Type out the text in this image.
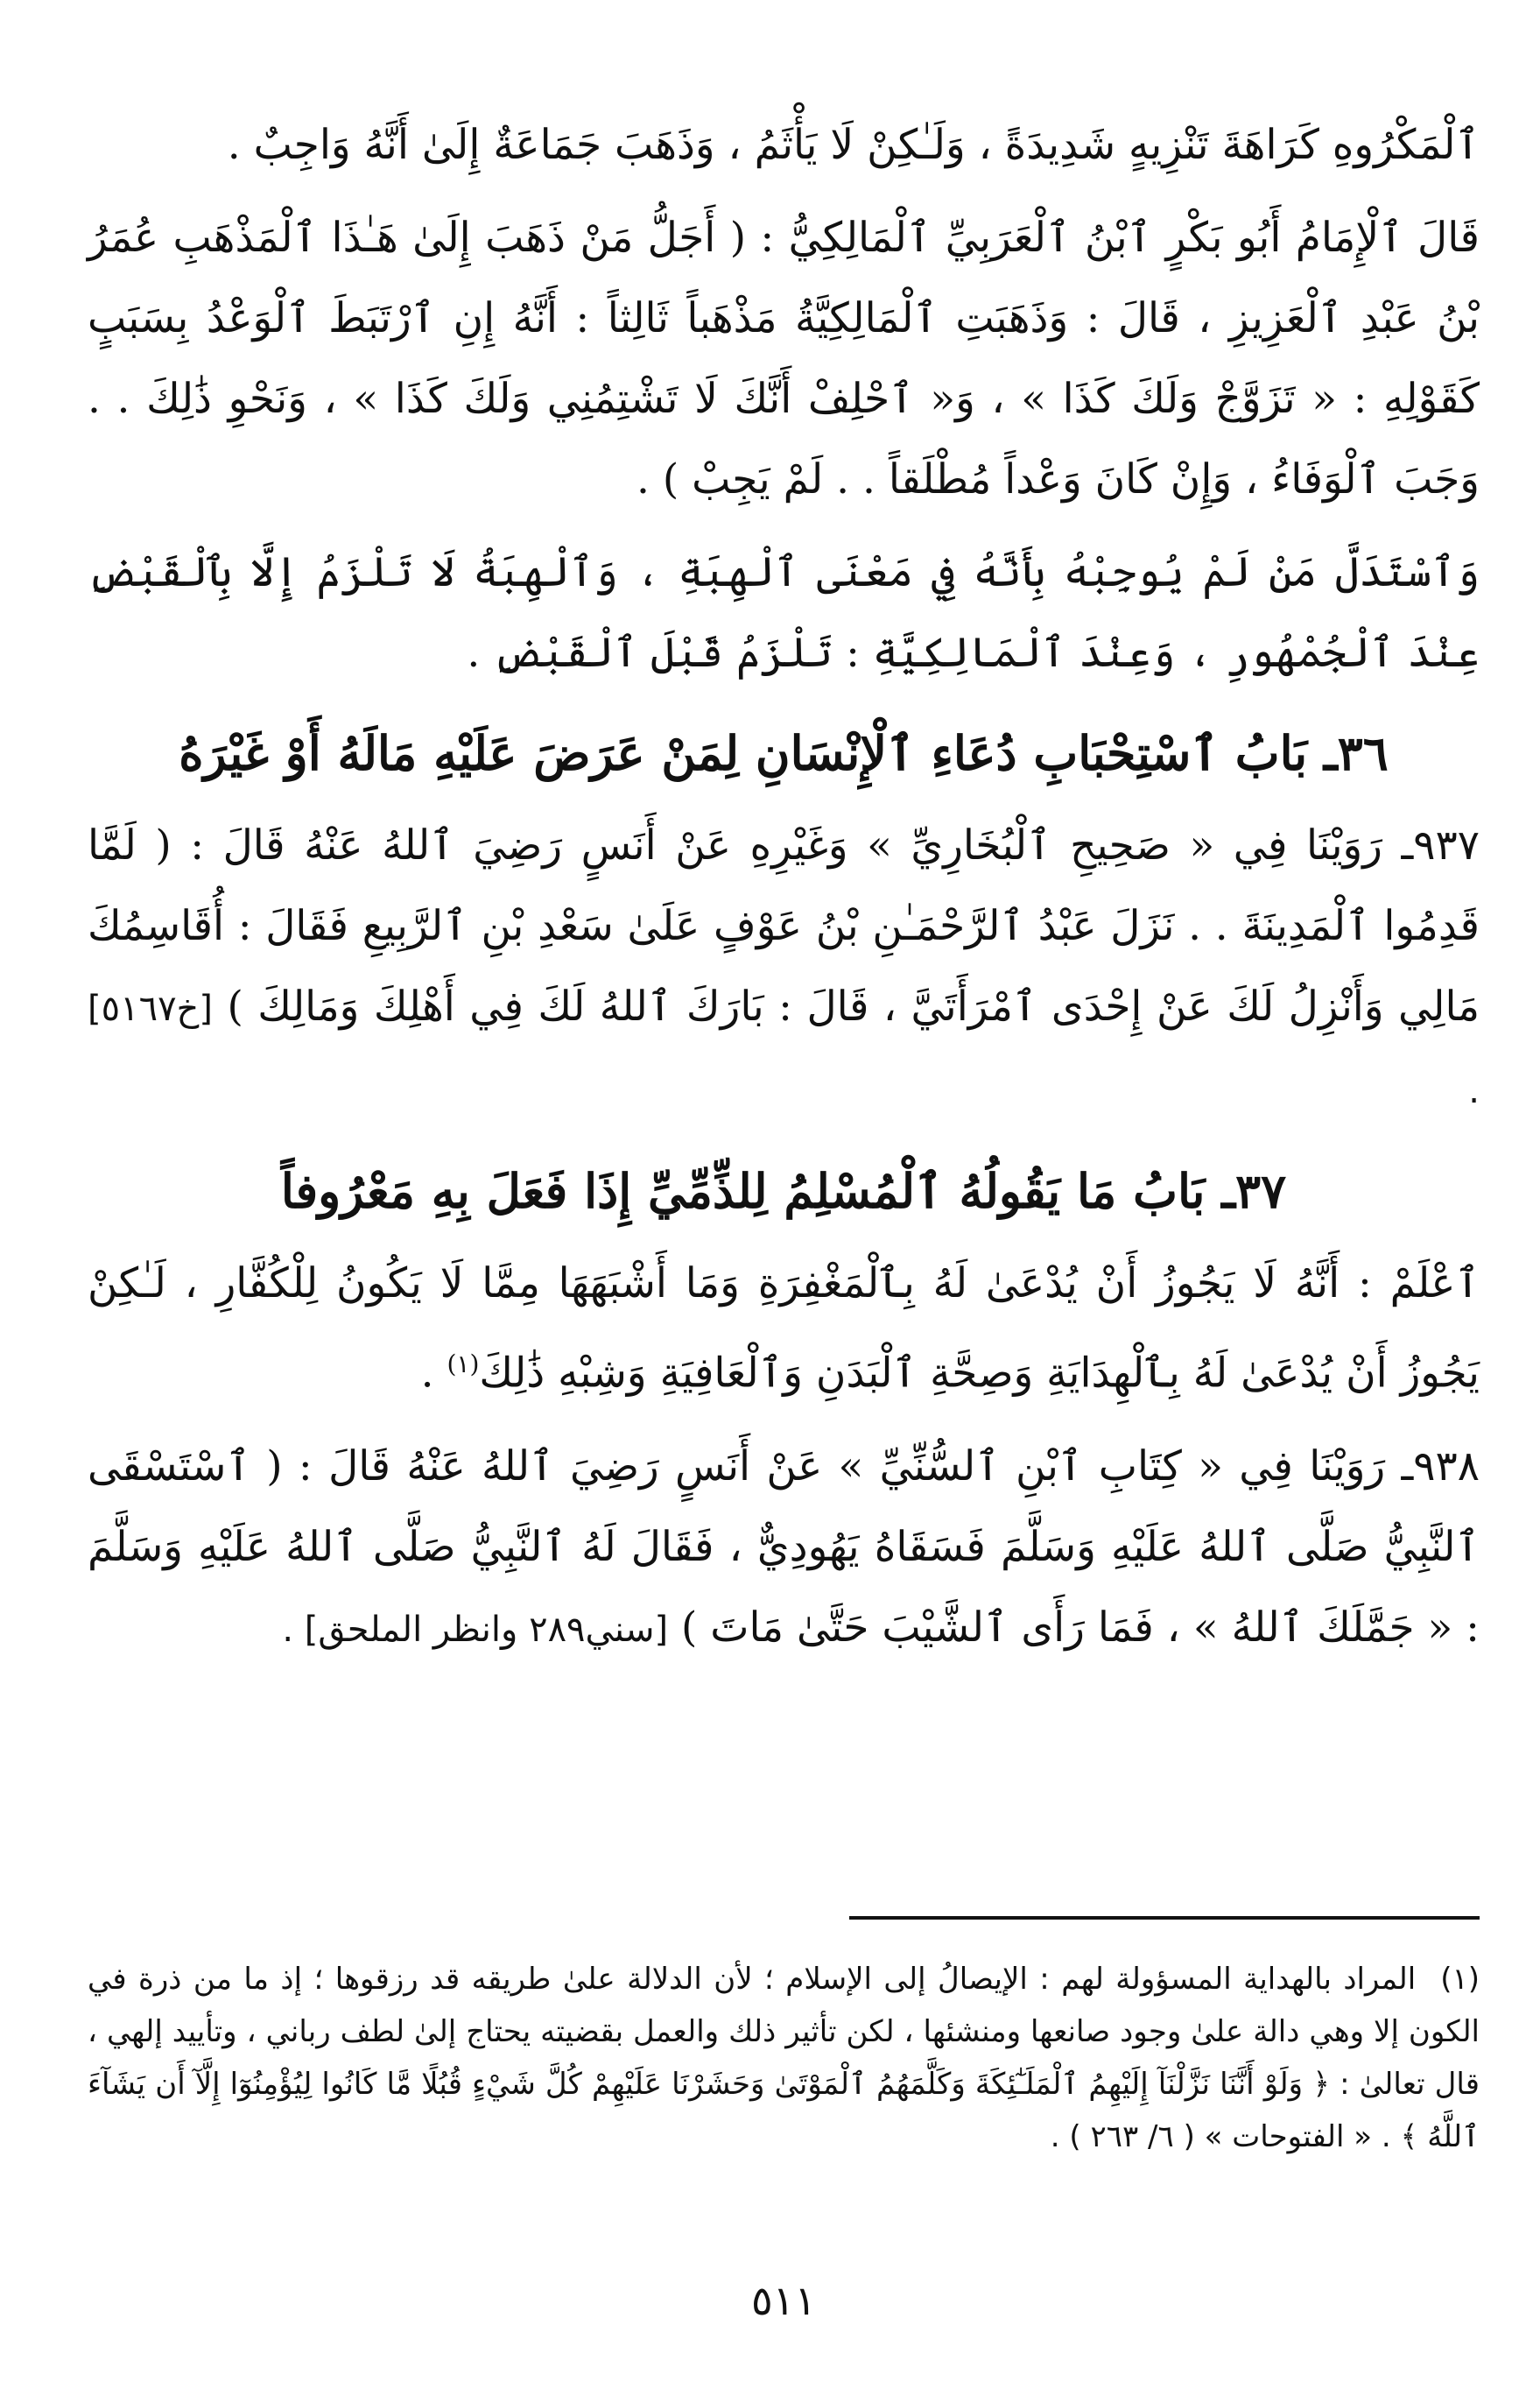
ٱلْمَكْرُوهِ كَرَاهَةَ تَنْزِيهٍ شَدِيدَةً ، وَلَـٰكِنْ لَا يَأْثَمُ ، وَذَهَبَ جَمَاعَةٌ إِلَىٰ أَنَّهُ وَاجِبٌ .

قَالَ ٱلْإِمَامُ أَبُو بَكْرٍ ٱبْنُ ٱلْعَرَبِيِّ ٱلْمَالِكِيُّ : ( أَجَلُّ مَنْ ذَهَبَ إِلَىٰ هَـٰذَا ٱلْمَذْهَبِ عُمَرُ بْنُ عَبْدِ ٱلْعَزِيزِ ، قَالَ : وَذَهَبَتِ ٱلْمَالِكِيَّةُ مَذْهَباً ثَالِثاً : أَنَّهُ إِنِ ٱرْتَبَطَ ٱلْوَعْدُ بِسَبَبٍ كَقَوْلِهِ : « تَزَوَّجْ وَلَكَ كَذَا » ، وَ« ٱحْلِفْ أَنَّكَ لَا تَشْتِمُنِي وَلَكَ كَذَا » ، وَنَحْوِ ذَٰلِكَ . . وَجَبَ ٱلْوَفَاءُ ، وَإِنْ كَانَ وَعْداً مُطْلَقاً . . لَمْ يَجِبْ ) .

وَٱسْتَدَلَّ مَنْ لَمْ يُوجِبْهُ بِأَنَّهُ فِي مَعْنَى ٱلْهِبَةِ ، وَٱلْهِبَةُ لَا تَلْزَمُ إِلَّا بِٱلْقَبْضِ عِنْدَ ٱلْجُمْهُورِ ، وَعِنْدَ ٱلْمَالِكِيَّةِ : تَلْزَمُ قَبْلَ ٱلْقَبْضِ .

٣٦ـ بَابُ ٱسْتِحْبَابِ دُعَاءِ ٱلْإِنْسَانِ لِمَنْ عَرَضَ عَلَيْهِ مَالَهُ أَوْ غَيْرَهُ

٩٣٧ـ رَوَيْنَا فِي « صَحِيحِ ٱلْبُخَارِيِّ » وَغَيْرِهِ عَنْ أَنَسٍ رَضِيَ ٱللهُ عَنْهُ قَالَ : ( لَمَّا قَدِمُوا ٱلْمَدِينَةَ . . نَزَلَ عَبْدُ ٱلرَّحْمَـٰنِ بْنُ عَوْفٍ عَلَىٰ سَعْدِ بْنِ ٱلرَّبِيعِ فَقَالَ : أُقَاسِمُكَ مَالِي وَأَنْزِلُ لَكَ عَنْ إِحْدَى ٱمْرَأَتَيَّ ، قَالَ : بَارَكَ ٱللهُ لَكَ فِي أَهْلِكَ وَمَالِكَ ) [خ٥١٦٧] .

٣٧ـ بَابُ مَا يَقُولُهُ ٱلْمُسْلِمُ لِلذِّمِّيِّ إِذَا فَعَلَ بِهِ مَعْرُوفاً

ٱعْلَمْ : أَنَّهُ لَا يَجُوزُ أَنْ يُدْعَىٰ لَهُ بِٱلْمَغْفِرَةِ وَمَا أَشْبَهَهَا مِمَّا لَا يَكُونُ لِلْكُفَّارِ ، لَـٰكِنْ يَجُوزُ أَنْ يُدْعَىٰ لَهُ بِٱلْهِدَايَةِ وَصِحَّةِ ٱلْبَدَنِ وَٱلْعَافِيَةِ وَشِبْهِ ذَٰلِكَ$^{(١)}$ .

٩٣٨ـ رَوَيْنَا فِي « كِتَابِ ٱبْنِ ٱلسُّنِّيِّ » عَنْ أَنَسٍ رَضِيَ ٱللهُ عَنْهُ قَالَ : ( ٱسْتَسْقَى ٱلنَّبِيُّ صَلَّى ٱللهُ عَلَيْهِ وَسَلَّمَ فَسَقَاهُ يَهُودِيٌّ ، فَقَالَ لَهُ ٱلنَّبِيُّ صَلَّى ٱللهُ عَلَيْهِ وَسَلَّمَ : « جَمَّلَكَ ٱللهُ » ، فَمَا رَأَى ٱلشَّيْبَ حَتَّىٰ مَاتَ ) [سني٢٨٩ وانظر الملحق] .

(١)المراد بالهداية المسؤولة لهم : الإيصالُ إلى الإسلام ؛ لأن الدلالة علىٰ طريقه قد رزقوها ؛ إذ ما من ذرة في الكون إلا وهي دالة علىٰ وجود صانعها ومنشئها ، لكن تأثير ذلك والعمل بقضيته يحتاج إلىٰ لطف رباني ، وتأييد إلهي ، قال تعالىٰ : ﴿ وَلَوْ أَنَّنَا نَزَّلْنَآ إِلَيْهِمُ ٱلْمَلَـٰٓئِكَةَ وَكَلَّمَهُمُ ٱلْمَوْتَىٰ وَحَشَرْنَا عَلَيْهِمْ كُلَّ شَيْءٍ قُبُلًا مَّا كَانُوا لِيُؤْمِنُوٓا إِلَّآ أَن يَشَآءَ ٱللَّهُ ﴾ . « الفتوحات » ( ٦/ ٢٦٣ ) .
٥١١
